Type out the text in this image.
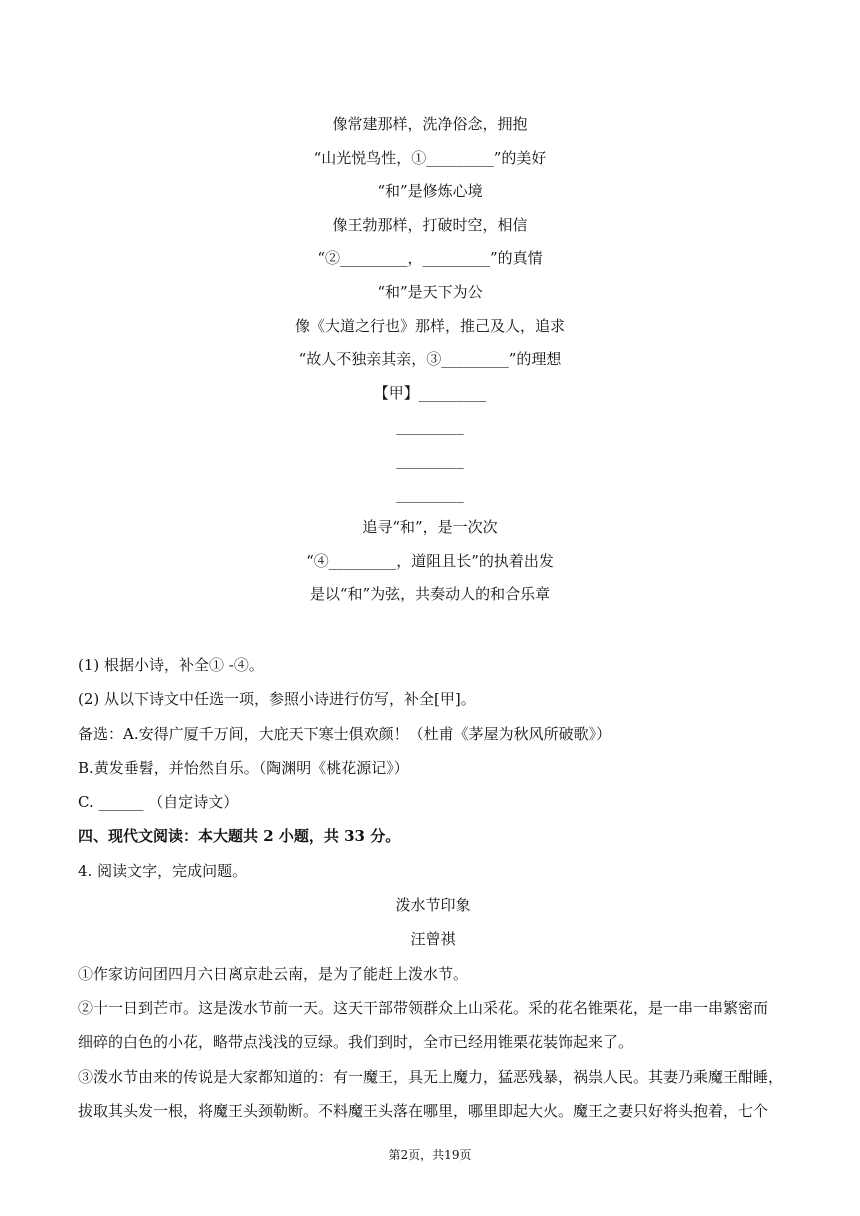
像常建那样，洗净俗念，拥抱
“山光悦鸟性，①_________”的美好
“和”是修炼心境
像王勃那样，打破时空，相信
“②_________，_________”的真情
“和”是天下为公
像《大道之行也》那样，推己及人，追求
“故人不独亲其亲，③_________”的理想
【甲】_________
_________
_________
_________
追寻“和”，是一次次
“④_________，道阻且长”的执着出发
是以“和”为弦，共奏动人的和合乐章

(1) 根据小诗，补全① -④。

(2) 从以下诗文中任选一项，参照小诗进行仿写，补全[甲]。

备选：A.安得广厦千万间，大庇天下寒士俱欢颜！（杜甫《茅屋为秋风所破歌》）

B.黄发垂髫，并怡然自乐。（陶渊明《桃花源记》）

C. ______ （自定诗文）

四、现代文阅读：本大题共 2 小题，共 33 分。

4. 阅读文字，完成问题。

泼水节印象

汪曾祺

①作家访问团四月六日离京赴云南，是为了能赶上泼水节。

②十一日到芒市。这是泼水节前一天。这天干部带领群众上山采花。采的花名锥栗花，是一串一串繁密而

细碎的白色的小花，略带点浅浅的豆绿。我们到时，全市已经用锥栗花装饰起来了。

③泼水节由来的传说是大家都知道的：有一魔王，具无上魔力，猛恶残暴，祸祟人民。其妻乃乘魔王酣睡，

拔取其头发一根，将魔王头颈勒断。不料魔王头落在哪里，哪里即起大火。魔王之妻只好将头抱着，七个

第2页，共19页
